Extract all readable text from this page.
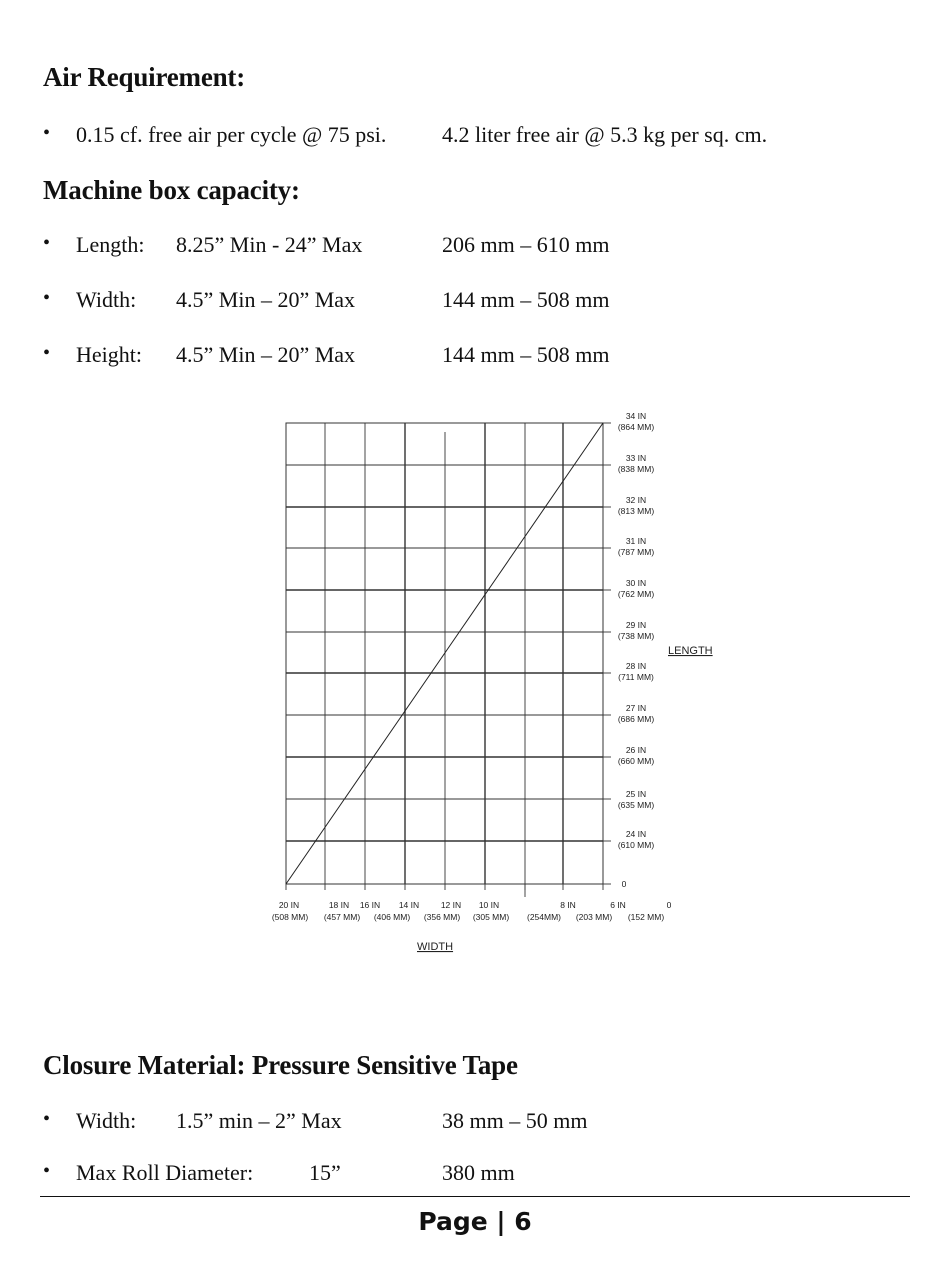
Air Requirement:
• 0.15 cf. free air per cycle @ 75 psi.	4.2 liter free air @ 5.3 kg per sq. cm.
Machine box capacity:
• Length: 8.25” Min - 24” Max	206 mm – 610 mm
• Width: 4.5” Min – 20” Max	144 mm – 508 mm
• Height: 4.5” Min – 20” Max	144 mm – 508 mm
20 IN
(508 MM)
18 IN
(457 MM)
16 IN
(406 MM)
14 IN	12 IN
(356 MM)
10 IN
(305 MM) (254MM)
8 IN
(203 MM)
6 IN
(152 MM)
0
34 IN
(864 MM)
33 IN
(838 MM)
32 IN
(813 MM)
31 IN
(787 MM)
30 IN
(762 MM)
29 IN
(738 MM)
28 IN
(711 MM)
27 IN
(686 MM)
26 IN
(660 MM)
25 IN
(635 MM)
24 IN
(610 MM)
0
WIDTH
LENGTH
Closure Material: Pressure Sensitive Tape
• Width: 1.5” min – 2” Max	38 mm – 50 mm
• Max Roll Diameter:	15”	380 mm
Page | 6
